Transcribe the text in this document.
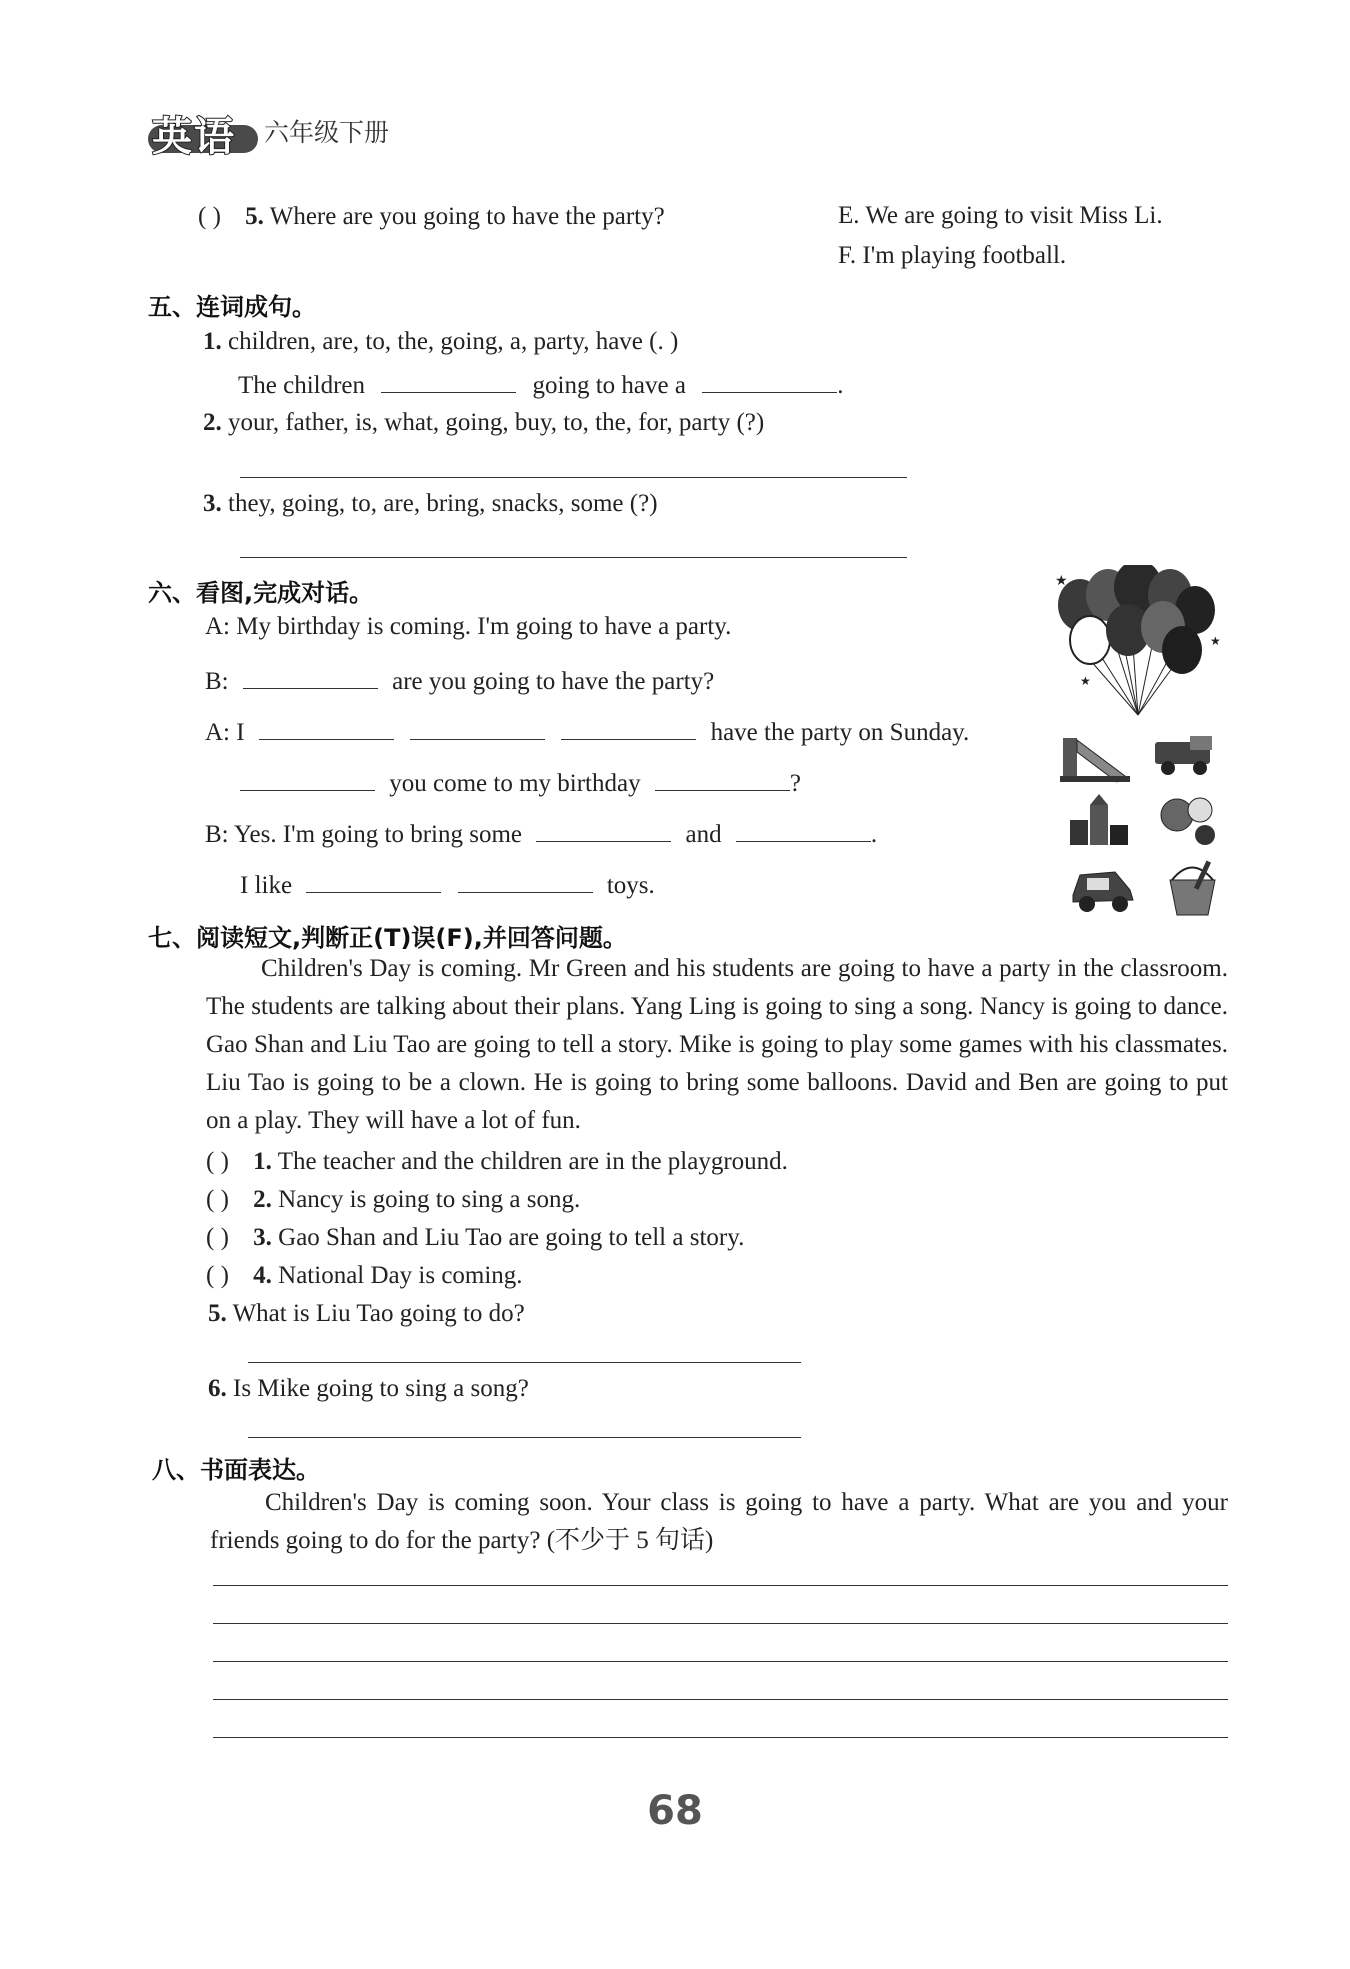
英语 六年级下册
( ) 5. Where are you going to have the party?	E. We are going to visit Miss Li.
F. I'm playing football.
五、连词成句。
1. children, are, to, the, going, a, party, have (. )
The children	going to have a	.
2. your, father, is, what, going, buy, to, the, for, party (?)
3. they, going, to, are, bring, snacks, some (?)
六、看图,完成对话。
A: My birthday is coming. I'm going to have a party.
B:	are you going to have the party?
A: I	have the party on Sunday.
you come to my birthday	?
B: Yes. I'm going to bring some	and	.
I like	toys.
★
★
★
七、阅读短文,判断正(T)误(F),并回答问题。
Children's Day is coming. Mr Green and his students are going to have a party in the classroom. The students are talking about their plans. Yang Ling is going to sing a song. Nancy is going to dance. Gao Shan and Liu Tao are going to tell a story. Mike is going to play some games with his classmates. Liu Tao is going to be a clown. He is going to bring some balloons. David and Ben are going to put on a play. They will have a lot of fun.
( ) 1. The teacher and the children are in the playground.
( ) 2. Nancy is going to sing a song.
( ) 3. Gao Shan and Liu Tao are going to tell a story.
( ) 4. National Day is coming.
5. What is Liu Tao going to do?
6. Is Mike going to sing a song?
八、书面表达。
Children's Day is coming soon. Your class is going to have a party. What are you and your friends going to do for the party? (不少于 5 句话)
68
